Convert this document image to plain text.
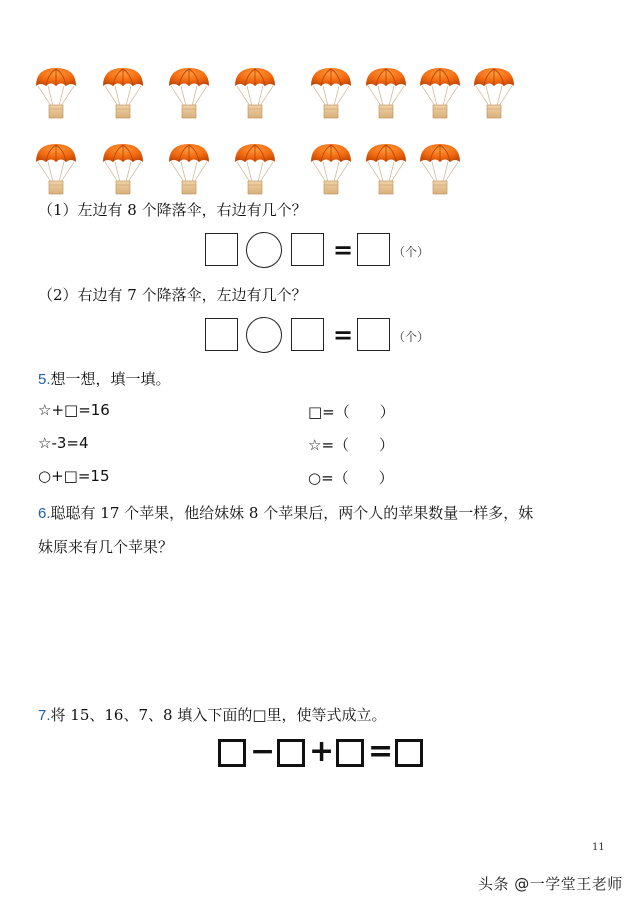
（1）左边有 8 个降落伞，右边有几个？
=	（个）
（2）右边有 7 个降落伞，左边有几个？
=	（个）
5.想一想，填一填。
☆+□=16	□=（　　）
☆-3=4	☆=（　　）
○+□=15	○=（　　）
6.聪聪有 17 个苹果，他给妹妹 8 个苹果后，两个人的苹果数量一样多，妹
妹原来有几个苹果？
7.将 15、16、7、8 填入下面的□里，使等式成立。
− + =
11
头条 @一学堂王老师
